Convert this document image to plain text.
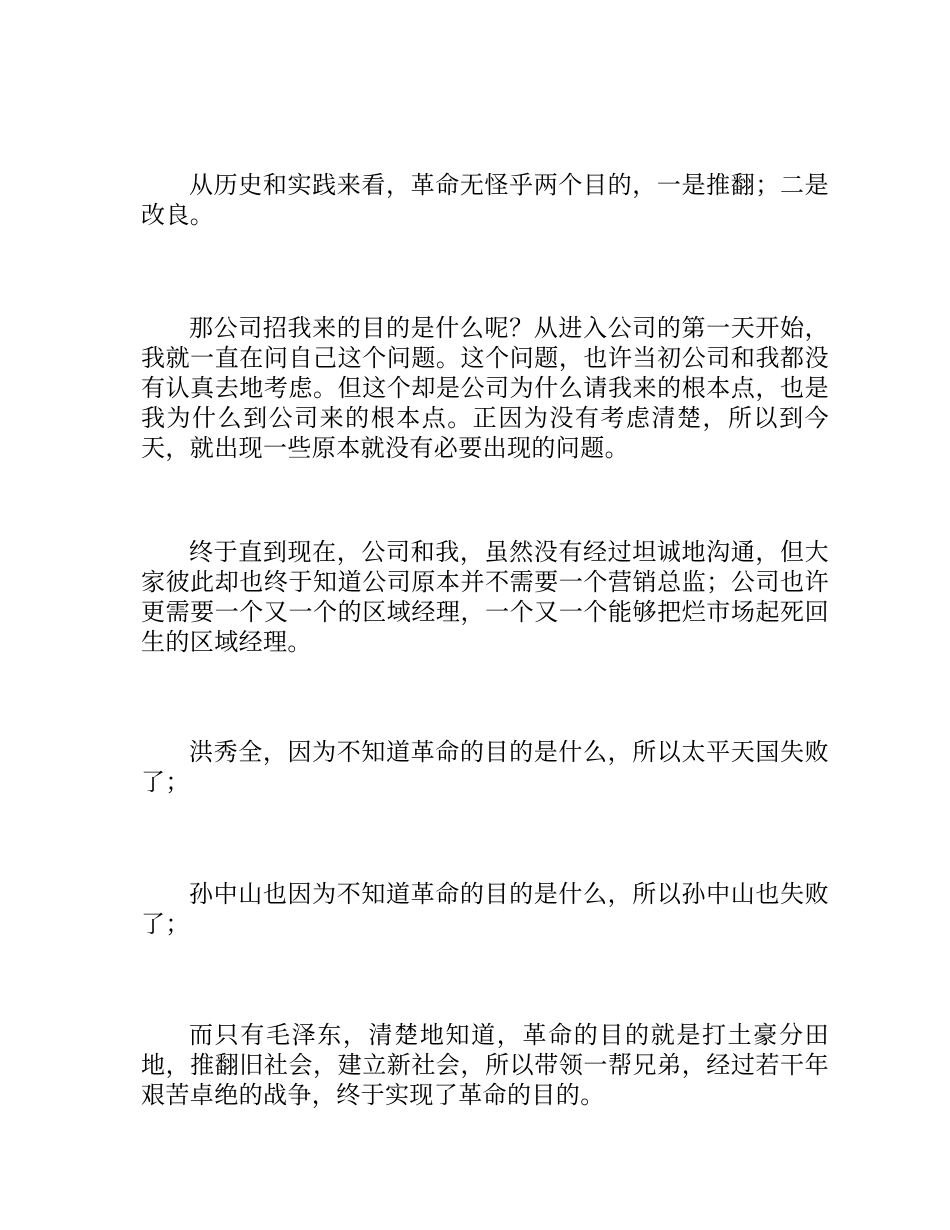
从历史和实践来看，革命无怪乎两个目的，一是推翻；二是改良。

那公司招我来的目的是什么呢？从进入公司的第一天开始，我就一直在问自己这个问题。这个问题，也许当初公司和我都没有认真去地考虑。但这个却是公司为什么请我来的根本点，也是我为什么到公司来的根本点。正因为没有考虑清楚，所以到今天，就出现一些原本就没有必要出现的问题。

终于直到现在，公司和我，虽然没有经过坦诚地沟通，但大家彼此却也终于知道公司原本并不需要一个营销总监；公司也许更需要一个又一个的区域经理，一个又一个能够把烂市场起死回生的区域经理。

洪秀全，因为不知道革命的目的是什么，所以太平天国失败了；

孙中山也因为不知道革命的目的是什么，所以孙中山也失败了；

而只有毛泽东，清楚地知道，革命的目的就是打土豪分田地，推翻旧社会，建立新社会，所以带领一帮兄弟，经过若干年艰苦卓绝的战争，终于实现了革命的目的。
